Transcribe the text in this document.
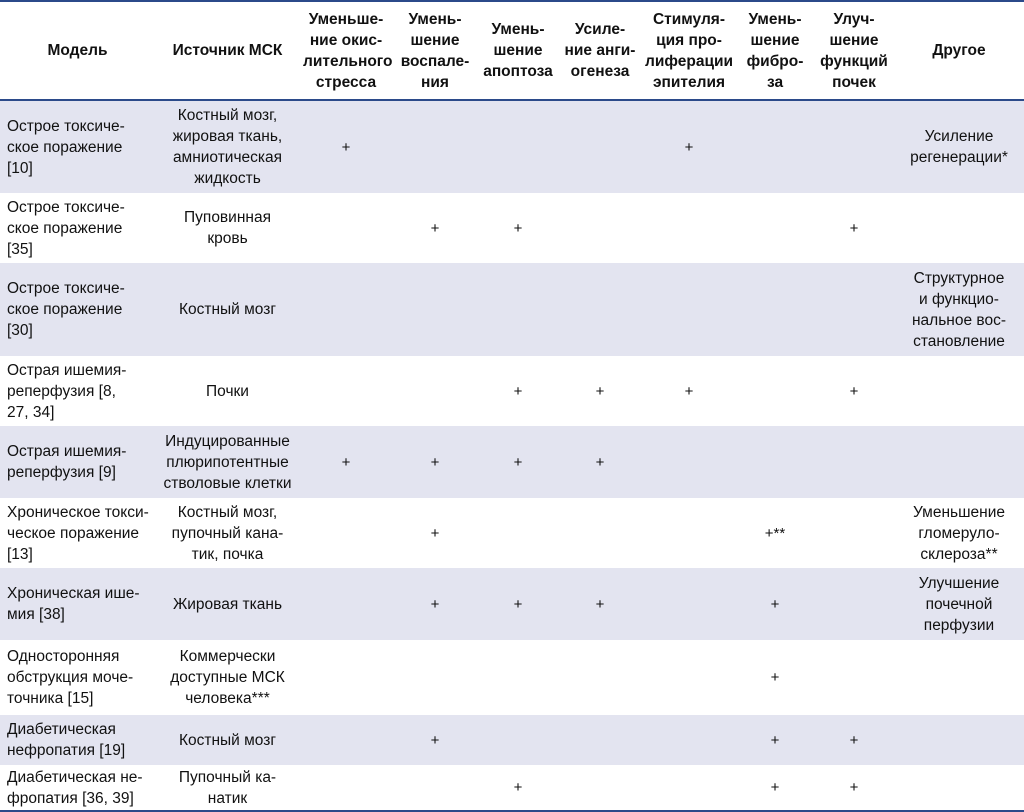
Модель	Источник МСК	Уменьше-
ние окис-
лительного
стресса	Умень-
шение
воспале-
ния	Умень-
шение
апоптоза	Усиле-
ние анги-
огенеза	Стимуля-
ция про-
лиферации
эпителия	Умень-
шение
фибро-
за	Улуч-
шение
функций
почек	Другое
Острое токсиче-
ское поражение
[10]	Костный мозг,
жировая ткань,
амниотическая
жидкость	+				+			Усиление
регенерации*
Острое токсиче-
ское поражение
[35]	Пуповинная
кровь		+	+				+	
Острое токсиче-
ское поражение
[30]	Костный мозг								Структурное
и функцио-
нальное вос-
становление
Острая ишемия-
реперфузия [8,
27, 34]	Почки			+	+	+		+	
Острая ишемия-
реперфузия [9]	Индуцированные
плюрипотентные
стволовые клетки	+	+	+	+				
Хроническое токси-
ческое поражение
[13]	Костный мозг,
пупочный кана-
тик, почка		+				+**		Уменьшение
гломеруло-
склероза**
Хроническая ише-
мия [38]	Жировая ткань		+	+	+		+		Улучшение
почечной
перфузии
Односторонняя
обструкция моче-
точника [15]	Коммерчески
доступные МСК
человека***						+		
Диабетическая
нефропатия [19]	Костный мозг		+				+	+	
Диабетическая не-
фропатия [36, 39]	Пупочный ка-
натик			+			+	+	
